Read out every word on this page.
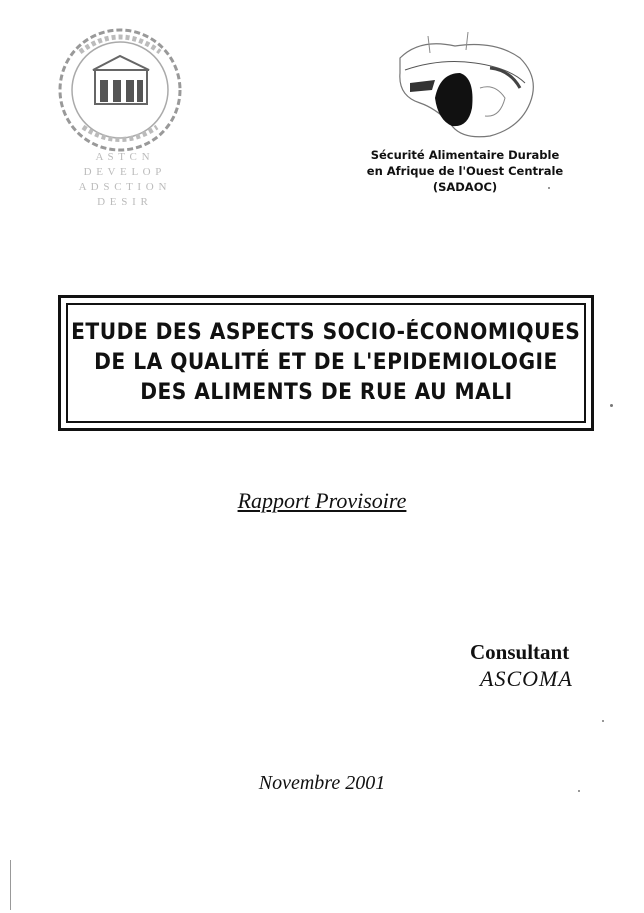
A S T C N
D E V E L O P
A D S C T I O N
D E S I R
Sécurité Alimentaire Durable
en Afrique de l'Ouest Centrale
(SADAOC)
ETUDE DES ASPECTS SOCIO-ÉCONOMIQUES
DE LA QUALITÉ ET DE L'EPIDEMIOLOGIE
DES ALIMENTS DE RUE AU MALI
Rapport Provisoire
Consultant
ASCOMA
Novembre 2001
